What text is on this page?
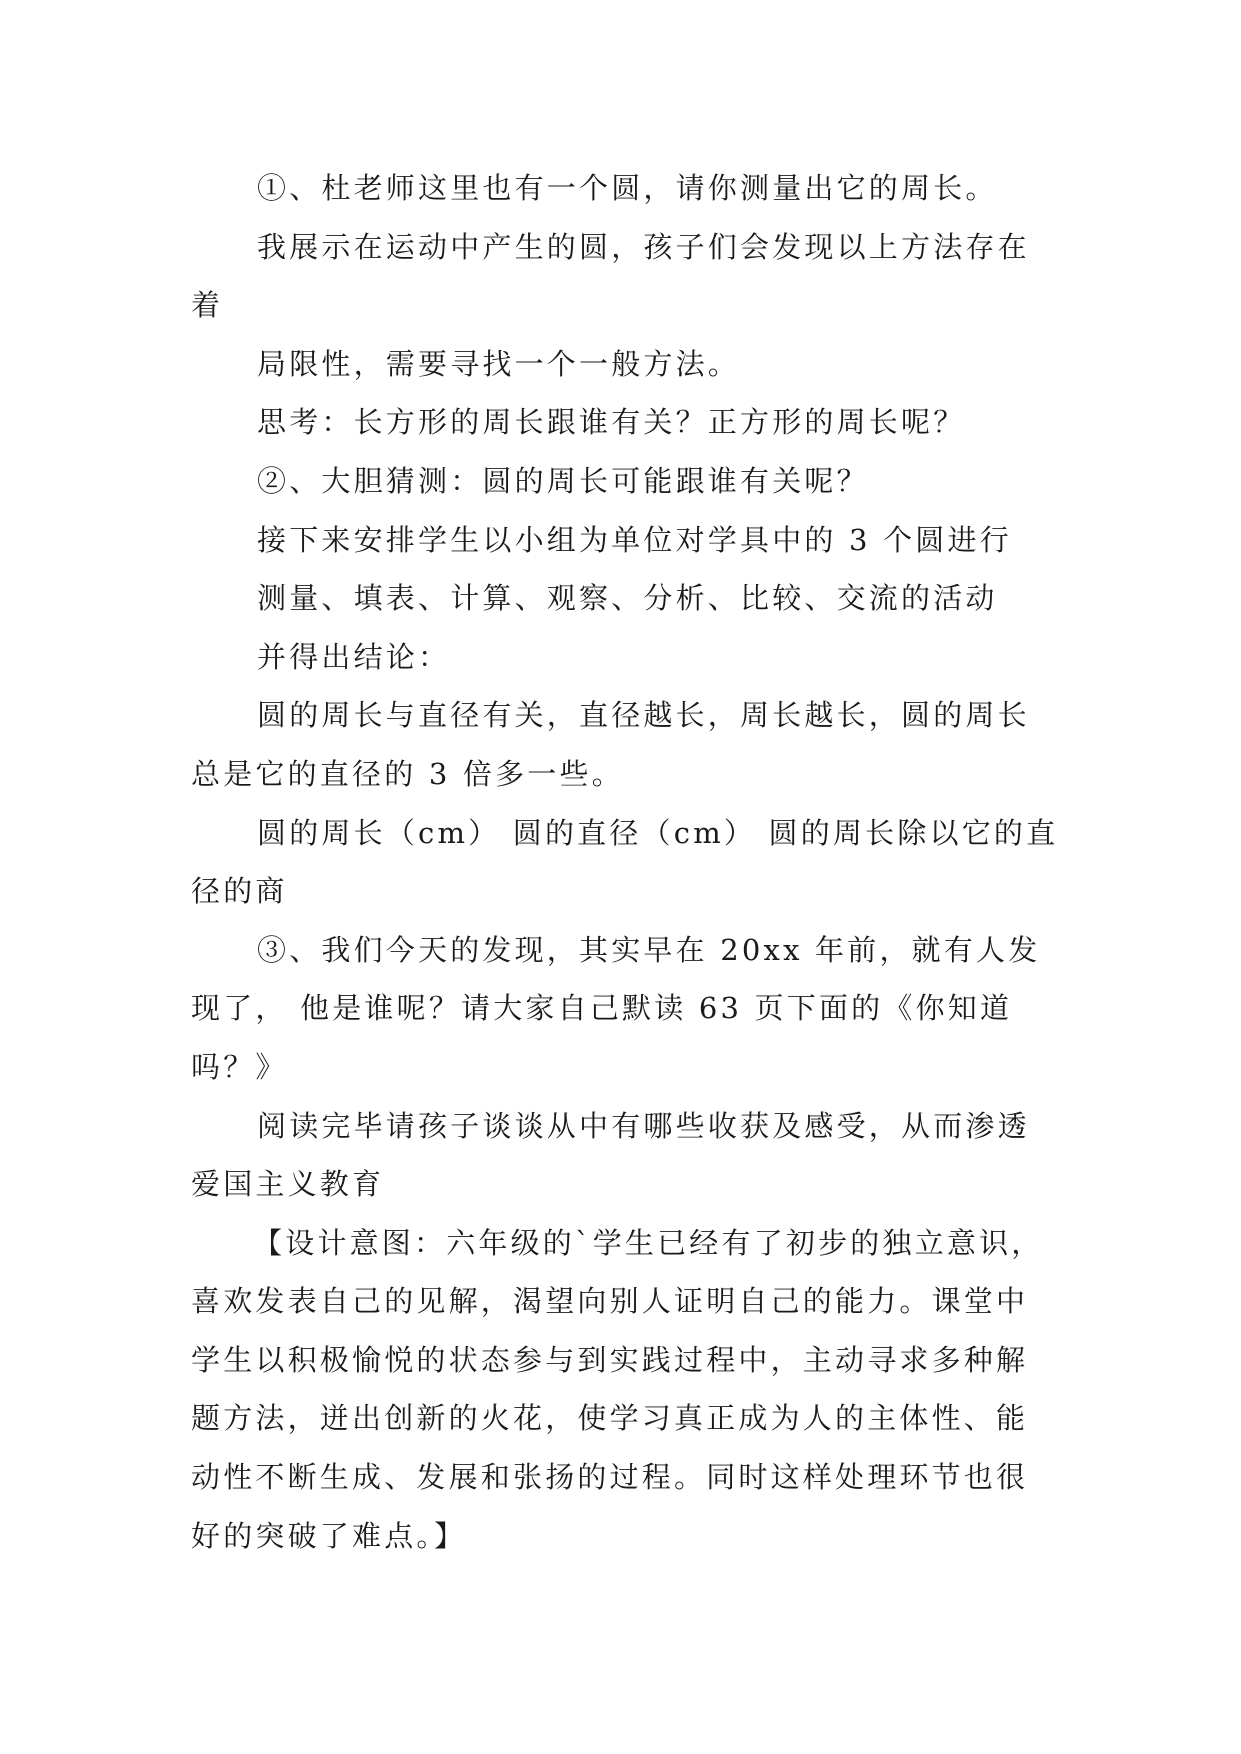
①、杜老师这里也有一个圆，请你测量出它的周长。
我展示在运动中产生的圆，孩子们会发现以上方法存在
着
局限性，需要寻找一个一般方法。
思考：长方形的周长跟谁有关？正方形的周长呢？
②、大胆猜测：圆的周长可能跟谁有关呢？
接下来安排学生以小组为单位对学具中的 3 个圆进行
测量、填表、计算、观察、分析、比较、交流的活动
并得出结论：
圆的周长与直径有关，直径越长，周长越长，圆的周长
总是它的直径的 3 倍多一些。
圆的周长（cm） 圆的直径（cm） 圆的周长除以它的直
径的商
③、我们今天的发现，其实早在 20xx 年前，就有人发
现了， 他是谁呢？请大家自己默读 63 页下面的《你知道
吗？》
阅读完毕请孩子谈谈从中有哪些收获及感受，从而渗透
爱国主义教育
【设计意图：六年级的`学生已经有了初步的独立意识，
喜欢发表自己的见解，渴望向别人证明自己的能力。课堂中
学生以积极愉悦的状态参与到实践过程中，主动寻求多种解
题方法，迸出创新的火花，使学习真正成为人的主体性、能
动性不断生成、发展和张扬的过程。同时这样处理环节也很
好的突破了难点。】
